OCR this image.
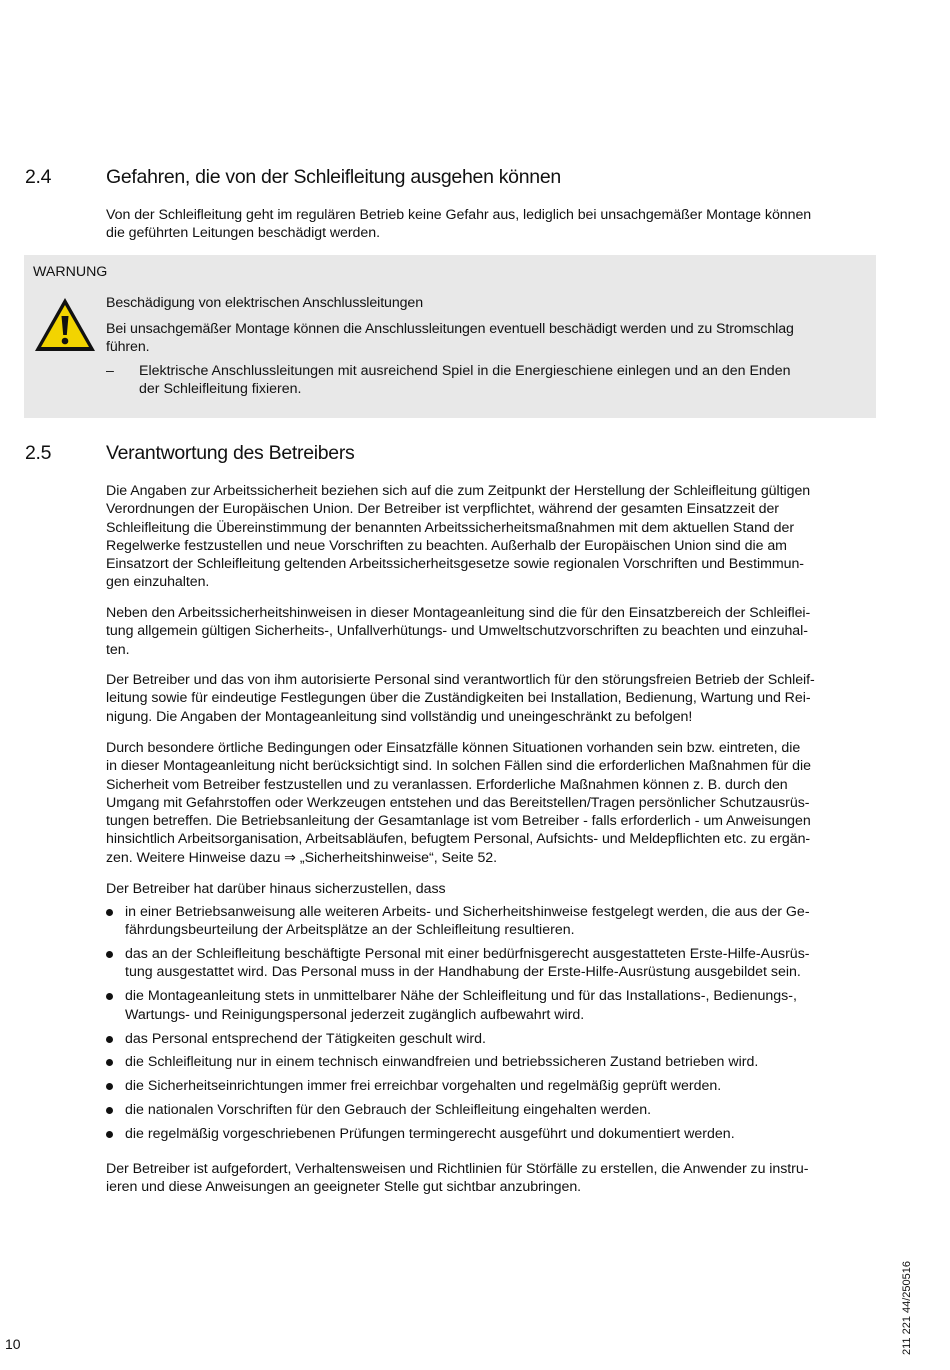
2.4	Gefahren, die von der Schleifleitung ausgehen können
Von der Schleifleitung geht im regulären Betrieb keine Gefahr aus, lediglich bei unsachgemäßer Montage können
die geführten Leitungen beschädigt werden.
WARNUNG
Beschädigung von elektrischen Anschlussleitungen
Bei unsachgemäßer Montage können die Anschlussleitungen eventuell beschädigt werden und zu Stromschlag
führen.
– Elektrische Anschlussleitungen mit ausreichend Spiel in die Energieschiene einlegen und an den Enden
der Schleifleitung fixieren.
2.5	Verantwortung des Betreibers
Die Angaben zur Arbeitssicherheit beziehen sich auf die zum Zeitpunkt der Herstellung der Schleifleitung gültigen
Verordnungen der Europäischen Union. Der Betreiber ist verpflichtet, während der gesamten Einsatzzeit der
Schleifleitung die Übereinstimmung der benannten Arbeitssicherheitsmaßnahmen mit dem aktuellen Stand der
Regelwerke festzustellen und neue Vorschriften zu beachten. Außerhalb der Europäischen Union sind die am
Einsatzort der Schleifleitung geltenden Arbeitssicherheitsgesetze sowie regionalen Vorschriften und Bestimmun-
gen einzuhalten.
Neben den Arbeitssicherheitshinweisen in dieser Montageanleitung sind die für den Einsatzbereich der Schleiflei-
tung allgemein gültigen Sicherheits-, Unfallverhütungs- und Umweltschutzvorschriften zu beachten und einzuhal-
ten.
Der Betreiber und das von ihm autorisierte Personal sind verantwortlich für den störungsfreien Betrieb der Schleif-
leitung sowie für eindeutige Festlegungen über die Zuständigkeiten bei Installation, Bedienung, Wartung und Rei-
nigung. Die Angaben der Montageanleitung sind vollständig und uneingeschränkt zu befolgen!
Durch besondere örtliche Bedingungen oder Einsatzfälle können Situationen vorhanden sein bzw. eintreten, die
in dieser Montageanleitung nicht berücksichtigt sind. In solchen Fällen sind die erforderlichen Maßnahmen für die
Sicherheit vom Betreiber festzustellen und zu veranlassen. Erforderliche Maßnahmen können z. B. durch den
Umgang mit Gefahrstoffen oder Werkzeugen entstehen und das Bereitstellen/Tragen persönlicher Schutzausrüs-
tungen betreffen. Die Betriebsanleitung der Gesamtanlage ist vom Betreiber - falls erforderlich - um Anweisungen
hinsichtlich Arbeitsorganisation, Arbeitsabläufen, befugtem Personal, Aufsichts- und Meldepflichten etc. zu ergän-
zen. Weitere Hinweise dazu ⇒ „Sicherheitshinweise“, Seite 52.
Der Betreiber hat darüber hinaus sicherzustellen, dass
in einer Betriebsanweisung alle weiteren Arbeits- und Sicherheitshinweise festgelegt werden, die aus der Ge-
fährdungsbeurteilung der Arbeitsplätze an der Schleifleitung resultieren.
das an der Schleifleitung beschäftigte Personal mit einer bedürfnisgerecht ausgestatteten Erste-Hilfe-Ausrüs-
tung ausgestattet wird. Das Personal muss in der Handhabung der Erste-Hilfe-Ausrüstung ausgebildet sein.
die Montageanleitung stets in unmittelbarer Nähe der Schleifleitung und für das Installations-, Bedienungs-,
Wartungs- und Reinigungspersonal jederzeit zugänglich aufbewahrt wird.
das Personal entsprechend der Tätigkeiten geschult wird.
die Schleifleitung nur in einem technisch einwandfreien und betriebssicheren Zustand betrieben wird.
die Sicherheitseinrichtungen immer frei erreichbar vorgehalten und regelmäßig geprüft werden.
die nationalen Vorschriften für den Gebrauch der Schleifleitung eingehalten werden.
die regelmäßig vorgeschriebenen Prüfungen termingerecht ausgeführt und dokumentiert werden.
Der Betreiber ist aufgefordert, Verhaltensweisen und Richtlinien für Störfälle zu erstellen, die Anwender zu instru-
ieren und diese Anweisungen an geeigneter Stelle gut sichtbar anzubringen.
10	211 221 44/250516
